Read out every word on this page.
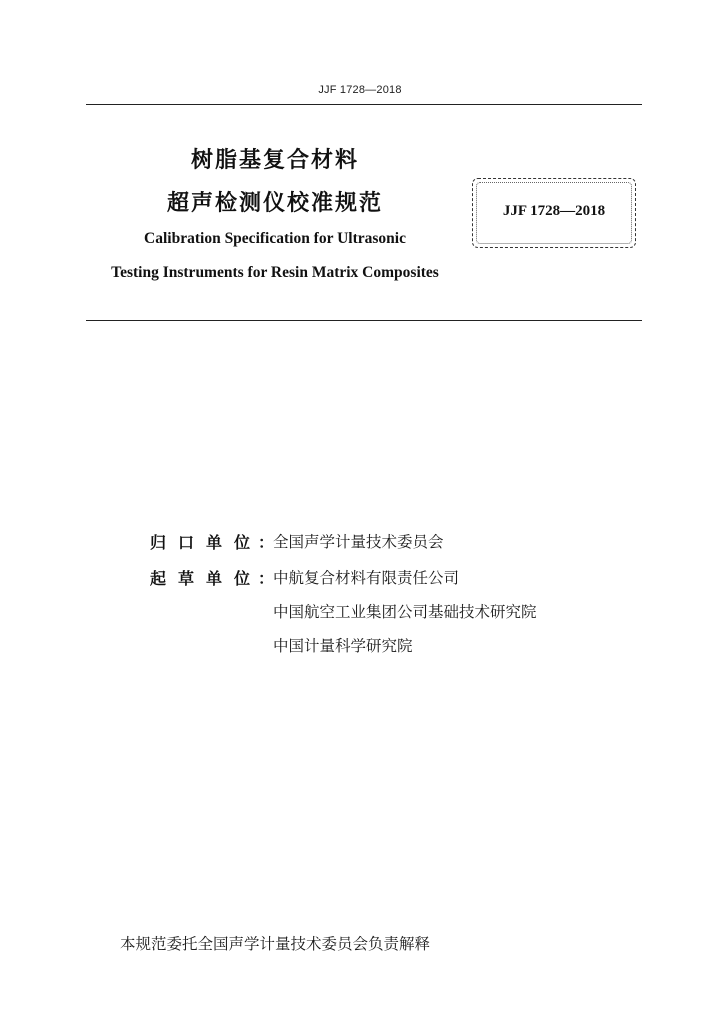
JJF 1728—2018
树脂基复合材料
超声检测仪校准规范
Calibration Specification for Ultrasonic
Testing Instruments for Resin Matrix Composites
JJF 1728—2018
归口单位
：
全国声学计量技术委员会
起草单位
：
中航复合材料有限责任公司
中国航空工业集团公司基础技术研究院
中国计量科学研究院
本规范委托全国声学计量技术委员会负责解释
